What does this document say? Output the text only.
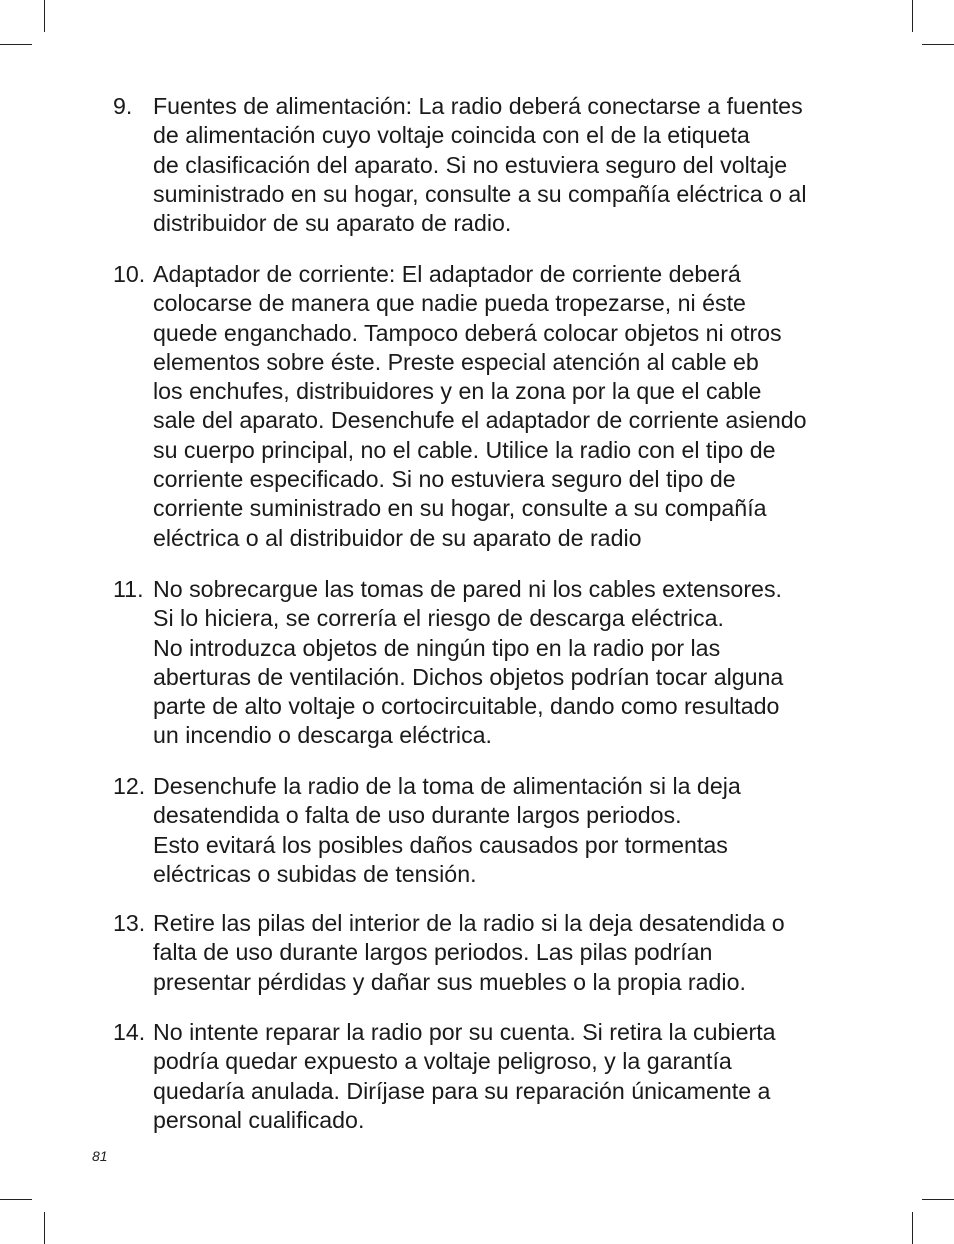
9. Fuentes de alimentación: La radio deberá conectarse a fuentes
de alimentación cuyo voltaje coincida con el de la etiqueta
de clasificación del aparato. Si no estuviera seguro del voltaje
suministrado en su hogar, consulte a su compañía eléctrica o al
distribuidor de su aparato de radio.
10. Adaptador de corriente: El adaptador de corriente deberá
colocarse de manera que nadie pueda tropezarse, ni éste
quede enganchado. Tampoco deberá colocar objetos ni otros
elementos sobre éste. Preste especial atención al cable eb
los enchufes, distribuidores y en la zona por la que el cable
sale del aparato. Desenchufe el adaptador de corriente asiendo
su cuerpo principal, no el cable. Utilice la radio con el tipo de
corriente especificado. Si no estuviera seguro del tipo de
corriente suministrado en su hogar, consulte a su compañía
eléctrica o al distribuidor de su aparato de radio
11. No sobrecargue las tomas de pared ni los cables extensores.
Si lo hiciera, se correría el riesgo de descarga eléctrica.
No introduzca objetos de ningún tipo en la radio por las
aberturas de ventilación. Dichos objetos podrían tocar alguna
parte de alto voltaje o cortocircuitable, dando como resultado
un incendio o descarga eléctrica.
12. Desenchufe la radio de la toma de alimentación si la deja
desatendida o falta de uso durante largos periodos.
Esto evitará los posibles daños causados por tormentas
eléctricas o subidas de tensión.
13. Retire las pilas del interior de la radio si la deja desatendida o
falta de uso durante largos periodos. Las pilas podrían
presentar pérdidas y dañar sus muebles o la propia radio.
14. No intente reparar la radio por su cuenta. Si retira la cubierta
podría quedar expuesto a voltaje peligroso, y la garantía
quedaría anulada. Diríjase para su reparación únicamente a
personal cualificado.
81
